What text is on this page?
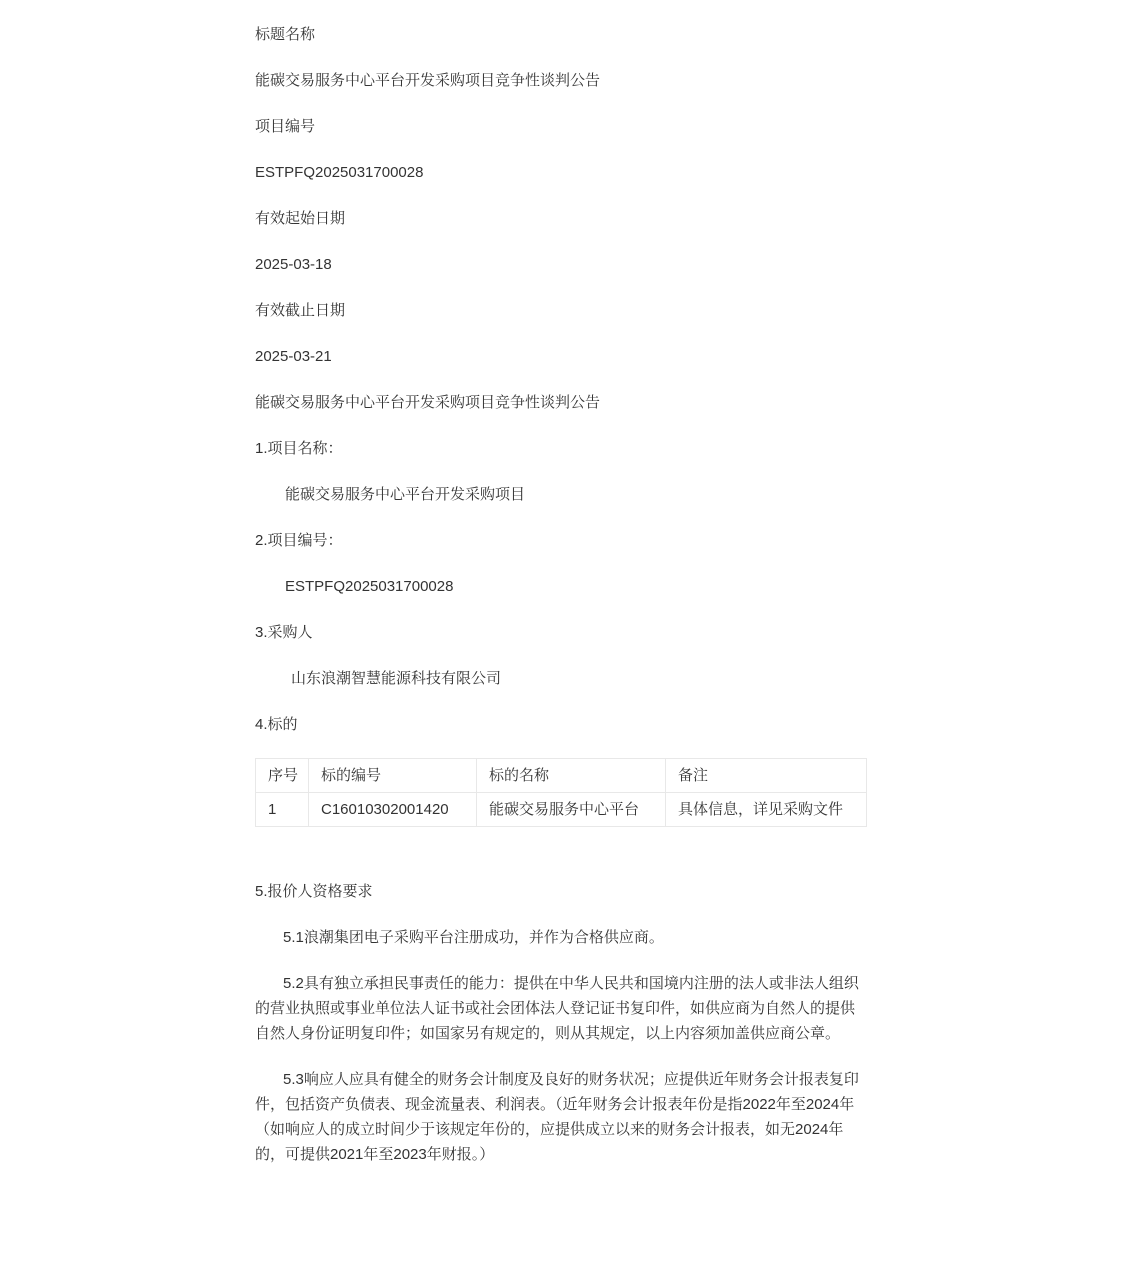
标题名称

能碳交易服务中心平台开发采购项目竞争性谈判公告

项目编号

ESTPFQ2025031700028

有效起始日期

2025-03-18

有效截止日期

2025-03-21

能碳交易服务中心平台开发采购项目竞争性谈判公告

1.项目名称：

能碳交易服务中心平台开发采购项目

2.项目编号：

ESTPFQ2025031700028

3.采购人

山东浪潮智慧能源科技有限公司

4.标的

序号	标的编号	标的名称	备注
1	C16010302001420	能碳交易服务中心平台	具体信息，详见采购文件

5.报价人资格要求

5.1浪潮集团电子采购平台注册成功，并作为合格供应商。

5.2具有独立承担民事责任的能力：提供在中华人民共和国境内注册的法人或非法人组织的营业执照或事业单位法人证书或社会团体法人登记证书复印件，如供应商为自然人的提供自然人身份证明复印件；如国家另有规定的，则从其规定，以上内容须加盖供应商公章。

5.3响应人应具有健全的财务会计制度及良好的财务状况；应提供近年财务会计报表复印件，包括资产负债表、现金流量表、利润表。（近年财务会计报表年份是指2022年至2024年（如响应人的成立时间少于该规定年份的，应提供成立以来的财务会计报表，如无2024年的，可提供2021年至2023年财报。）
